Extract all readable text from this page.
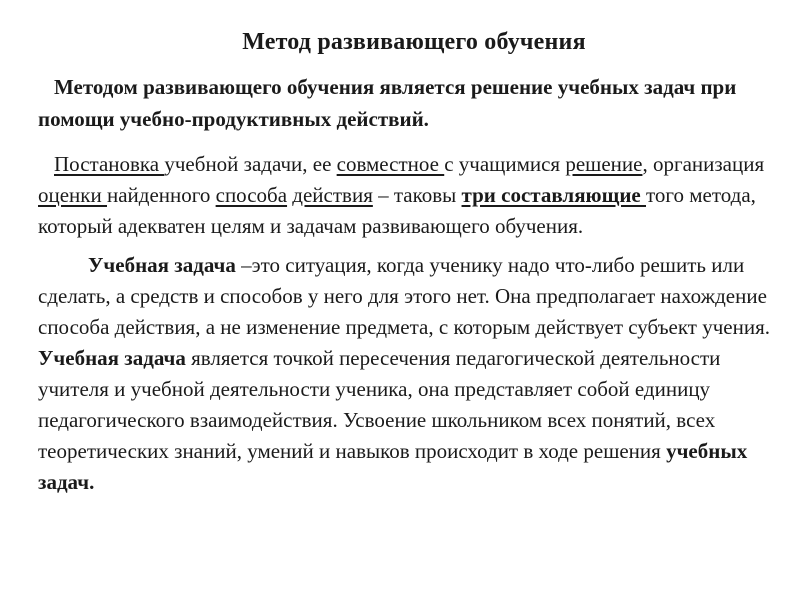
Метод развивающего обучения

Методом развивающего обучения является решение учебных задач при помощи учебно-продуктивных действий.

Постановка учебной задачи, ее совместное с учащимися решение, организация оценки найденного способа действия – таковы три составляющие того метода, который адекватен целям и задачам развивающего обучения.

Учебная задача –это ситуация, когда ученику надо что-либо решить или сделать, а средств и способов у него для этого нет. Она предполагает нахождение способа действия, а не изменение предмета, с которым действует субъект учения. Учебная задача является точкой пересечения педагогической деятельности учителя и учебной деятельности ученика, она представляет собой единицу педагогического взаимодействия. Усвоение школьником всех понятий, всех теоретических знаний, умений и навыков происходит в ходе решения учебных задач.
